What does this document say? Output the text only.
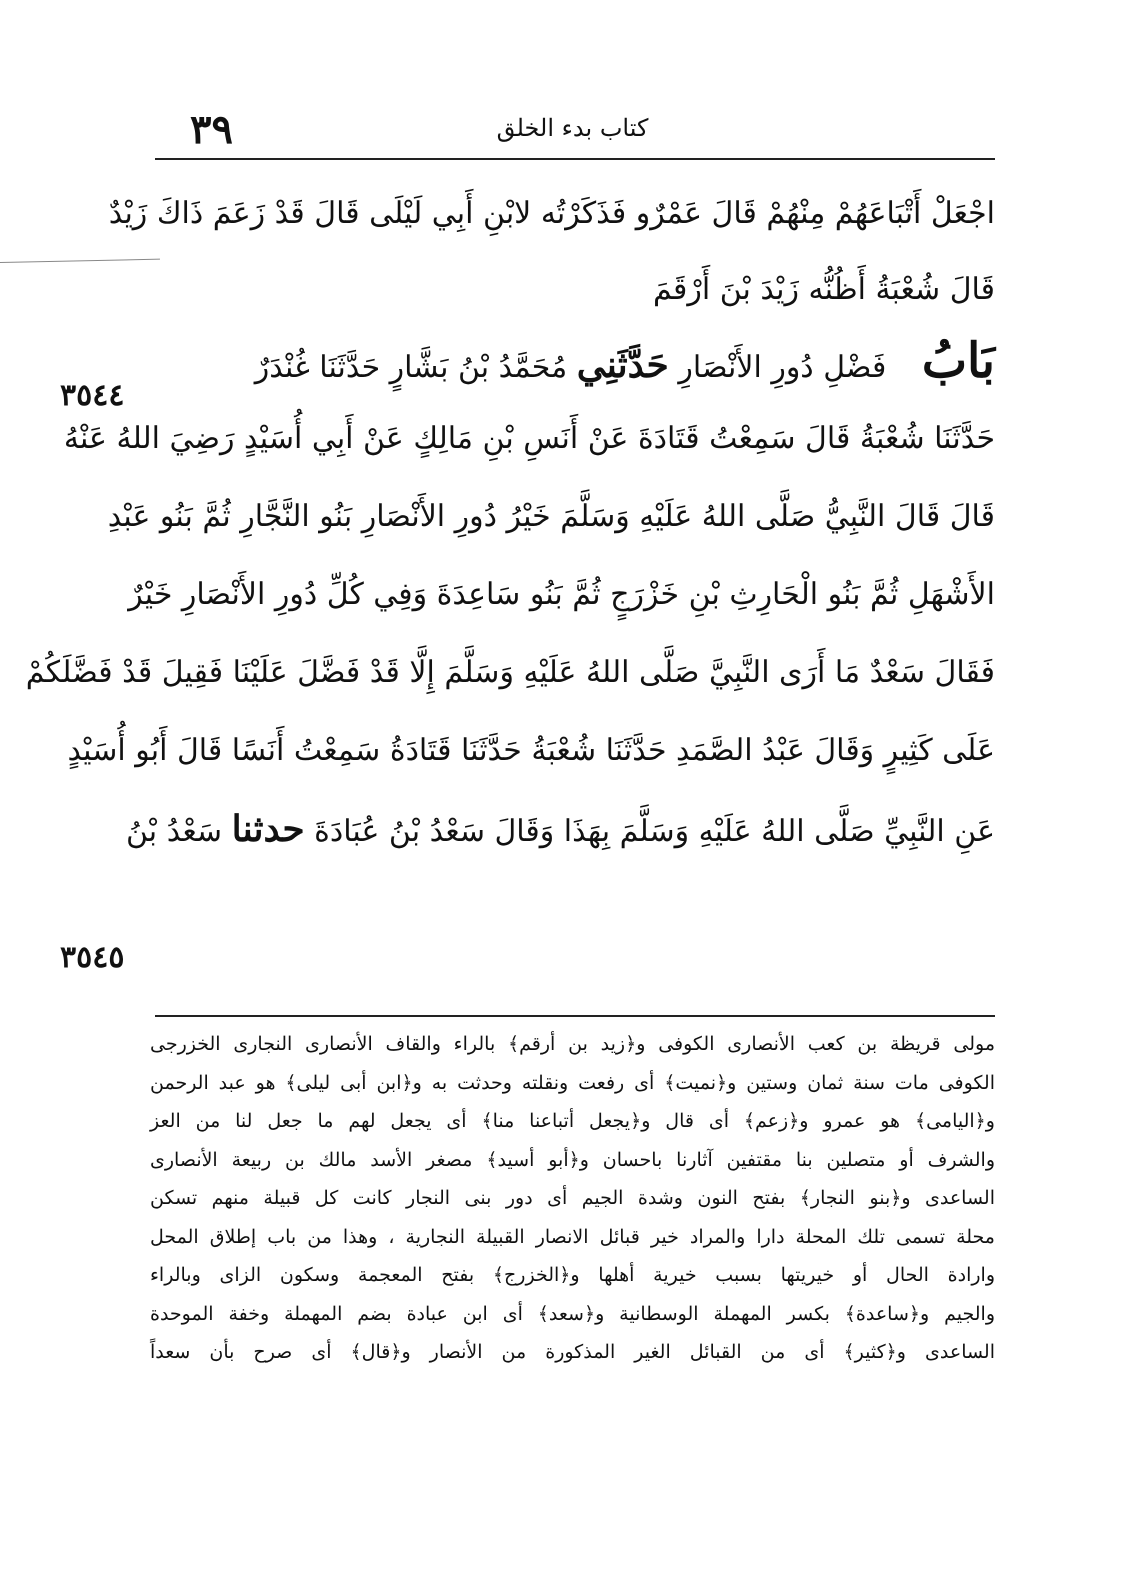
٣٩	كتاب بدء الخلق
٣٥٤٤
٣٥٤٥
اجْعَلْ أَتْبَاعَهُمْ مِنْهُمْ قَالَ عَمْرٌو فَذَكَرْتُه لابْنِ أَبِي لَيْلَى قَالَ قَدْ زَعَمَ ذَاكَ زَيْدٌ
قَالَ شُعْبَةُ أَظُنُّه زَيْدَ بْنَ أَرْقَمَ
بَابُ فَضْلِ دُورِ الأَنْصَارِ حَدَّثَنِي مُحَمَّدُ بْنُ بَشَّارٍ حَدَّثَنَا غُنْدَرٌ
حَدَّثَنَا شُعْبَةُ قَالَ سَمِعْتُ قَتَادَةَ عَنْ أَنَسِ بْنِ مَالِكٍ عَنْ أَبِي أُسَيْدٍ رَضِيَ اللهُ عَنْهُ
قَالَ قَالَ النَّبِيُّ صَلَّى اللهُ عَلَيْهِ وَسَلَّمَ خَيْرُ دُورِ الأَنْصَارِ بَنُو النَّجَّارِ ثُمَّ بَنُو عَبْدِ
الأَشْهَلِ ثُمَّ بَنُو الْحَارِثِ بْنِ خَزْرَجٍ ثُمَّ بَنُو سَاعِدَةَ وَفِي كُلِّ دُورِ الأَنْصَارِ خَيْرٌ
فَقَالَ سَعْدٌ مَا أَرَى النَّبِيَّ صَلَّى اللهُ عَلَيْهِ وَسَلَّمَ إِلَّا قَدْ فَضَّلَ عَلَيْنَا فَقِيلَ قَدْ فَضَّلَكُمْ
عَلَى كَثِيرٍ وَقَالَ عَبْدُ الصَّمَدِ حَدَّثَنَا شُعْبَةُ حَدَّثَنَا قَتَادَةُ سَمِعْتُ أَنَسًا قَالَ أَبُو أُسَيْدٍ
عَنِ النَّبِيِّ صَلَّى اللهُ عَلَيْهِ وَسَلَّمَ بِهَذَا وَقَالَ سَعْدُ بْنُ عُبَادَةَ حدثنا سَعْدُ بْنُ
مولى قريظة بن كعب الأنصارى الكوفى و﴿زيد بن أرقم﴾ بالراء والقاف الأنصارى النجارى الخزرجى
الكوفى مات سنة ثمان وستين و﴿نميت﴾ أى رفعت ونقلته وحدثت به و﴿ابن أبى ليلى﴾ هو عبد الرحمن
و﴿اليامى﴾ هو عمرو و﴿زعم﴾ أى قال و﴿يجعل أتباعنا منا﴾ أى يجعل لهم ما جعل لنا من العز
والشرف أو متصلين بنا مقتفين آثارنا باحسان و﴿أبو أسيد﴾ مصغر الأسد مالك بن ربيعة الأنصارى
الساعدى و﴿بنو النجار﴾ بفتح النون وشدة الجيم أى دور بنى النجار كانت كل قبيلة منهم تسكن
محلة تسمى تلك المحلة دارا والمراد خير قبائل الانصار القبيلة النجارية ، وهذا من باب إطلاق المحل
وارادة الحال أو خيريتها بسبب خيرية أهلها و﴿الخزرج﴾ بفتح المعجمة وسكون الزاى وبالراء
والجيم و﴿ساعدة﴾ بكسر المهملة الوسطانية و﴿سعد﴾ أى ابن عبادة بضم المهملة وخفة الموحدة
الساعدى و﴿كثير﴾ أى من القبائل الغير المذكورة من الأنصار و﴿قال﴾ أى صرح بأن سعداً
